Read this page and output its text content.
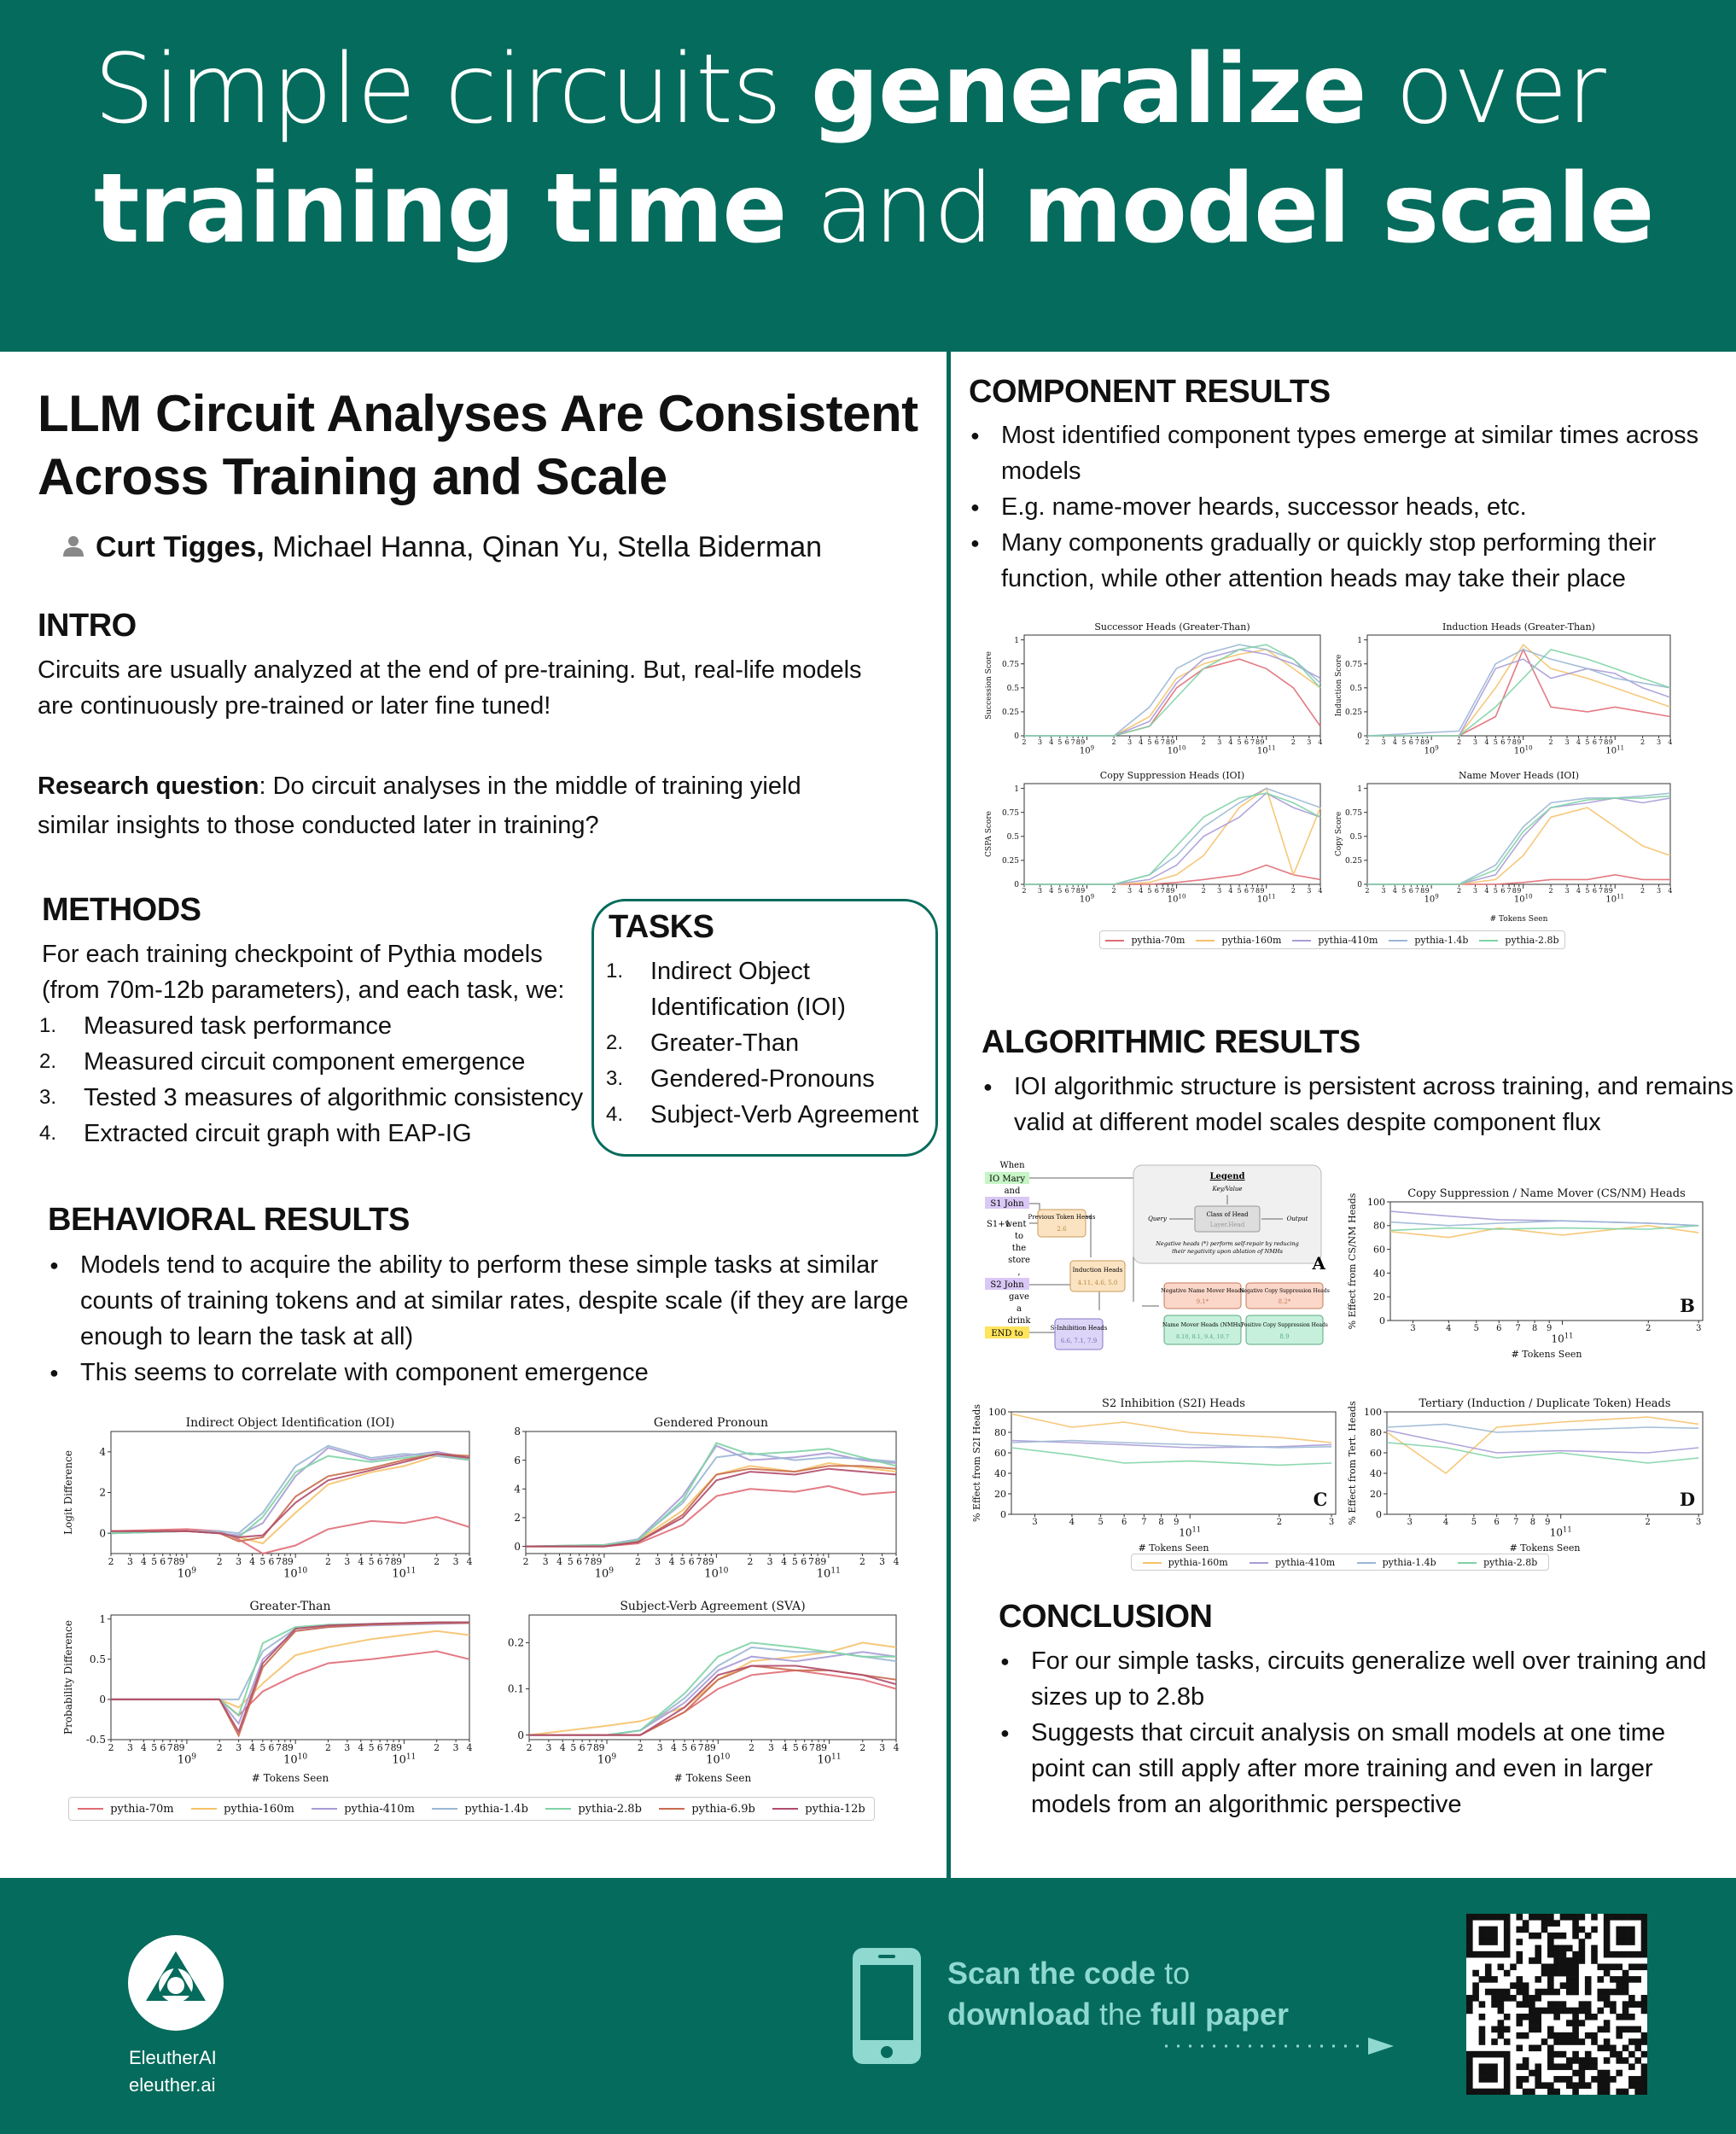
Simple circuits generalize over
training time and model scale
LLM Circuit Analyses Are Consistent
Across Training and Scale
Curt Tigges, Michael Hanna, Qinan Yu, Stella Biderman
INTRO
Circuits are usually analyzed at the end of pre-training. But, real-life models
are continuously pre-trained or later fine tuned!
Research question: Do circuit analyses in the middle of training yield
similar insights to those conducted later in training?
METHODS
For each training checkpoint of Pythia models
(from 70m-12b parameters), and each task, we:
1. Measured task performance
2. Measured circuit component emergence
3. Tested 3 measures of algorithmic consistency
4. Extracted circuit graph with EAP-IG
TASKS
1. Indirect Object
Identification (IOI)
2. Greater-Than
3. Gendered-Pronouns
4. Subject-Verb Agreement
BEHAVIORAL RESULTS
● Models tend to acquire the ability to perform these simple tasks at similar
counts of training tokens and at similar rates, despite scale (if they are large
enough to learn the task at all)
● This seems to correlate with component emergence
Indirect Object Identification (IOI)
0
2
4
2 3 4 5 6 7 8 9
$10^9$
2 3 4 5 6 7 8 9
$10^{10}$
2 3 4 5 6 7 8 9
$10^{11}$
2 3 4
Logit Difference
Gendered Pronoun
0
2
4
6
8
2 3 4 5 6 7 8 9
$10^9$
2 3 4 5 6 7 8 9
$10^{10}$
2 3 4 5 6 7 8 9
$10^{11}$
2 3 4
Greater-Than
-0.5
0
0.5
1
2 3 4 5 6 7 8 9
$10^9$
2 3 4 5 6 7 8 9
$10^{10}$
2 3 4 5 6 7 8 9
$10^{11}$
2 3 4
# Tokens Seen
Probability Difference
Subject-Verb Agreement (SVA)
0
0.1
0.2
2 3 4 5 6 7 8 9
$10^9$
2 3 4 5 6 7 8 9
$10^{10}$
2 3 4 5 6 7 8 9
$10^{11}$
2 3 4
# Tokens Seen
pythia-70m	pythia-160m	pythia-410m	pythia-1.4b	pythia-2.8b	pythia-6.9b	pythia-12b
COMPONENT RESULTS
● Most identified component types emerge at similar times across
models
● E.g. name-mover heards, successor heads, etc.
● Many components gradually or quickly stop performing their
function, while other attention heads may take their place
Successor Heads (Greater-Than)
0
0.25
0.5
0.75
1
2 3 4 5 6 7 8 9
$10^9$
2 3 4 5 6 7 8 9
$10^{10}$
2 3 4 5 6 7 8 9
$10^{11}$
2 3 4
Succession Score
Induction Heads (Greater-Than)
0
0.25
0.5
0.75
1
2 3 4 5 6 7 8 9
$10^9$
2 3 4 5 6 7 8 9
$10^{10}$
2 3 4 5 6 7 8 9
$10^{11}$
2 3 4
Induction Score
Copy Suppression Heads (IOI)
0
0.25
0.5
0.75
1
2 3 4 5 6 7 8 9
$10^9$
2 3 4 5 6 7 8 9
$10^{10}$
2 3 4 5 6 7 8 9
$10^{11}$
2 3 4
CSPA Score
Name Mover Heads (IOI)
0
0.25
0.5
0.75
1
2 3 4 5 6 7 8 9
$10^9$
2 3 4 5 6 7 8 9
$10^{10}$
2 3 4 5 6 7 8 9
$10^{11}$
2 3 4
# Tokens Seen
Copy Score
pythia-70m	pythia-160m	pythia-410m	pythia-1.4b	pythia-2.8b
ALGORITHMIC RESULTS
● IOI algorithmic structure is persistent across training, and remains
valid at different model scales despite component flux
When
IO Mary
and
S1 John
S1+1
went
to
the
store
,
S2 John
gave
a
drink
END to
Previous Token Heads
2.6
Induction Heads
4.11, 4.6, 5.0
S-Inhibition Heads
6.6, 7.1, 7.9
Legend
Key/Value
Query
Class of Head
Layer.Head
Output
Negative heads (*) perform self-repair by reducing
their negativity upon ablation of NMHs
Negative Name Mover Heads
9.1*
Negative Copy Suppression Heads
8.2*
Name Mover Heads (NMHs)
8.10, 8.1, 9.4, 10.7
Positive Copy Suppression Heads
8.9
A
Copy Suppression / Name Mover (CS/NM) Heads
0
20
40
60
80
100
3	4	5 6 7 8 9
$10^{11}$
2	3
# Tokens Seen
% Effect from CS/NM Heads	B
S2 Inhibition (S2I) Heads
0
20
40
60
80
100
3	4	5 6 7 8 9
$10^{11}$
2	3
# Tokens Seen
% Effect from S2I Heads	C
Tertiary (Induction / Duplicate Token) Heads
0
20
40
60
80
100
3	4	5 6 7 8 9
$10^{11}$
2	3
# Tokens Seen
% Effect from Tert. Heads	D
pythia-160m	pythia-410m	pythia-1.4b	pythia-2.8b
CONCLUSION
● For our simple tasks, circuits generalize well over training and
sizes up to 2.8b
● Suggests that circuit analysis on small models at one time
point can still apply after more training and even in larger
models from an algorithmic perspective
EleutherAI
eleuther.ai
Scan the code to
download the full paper
